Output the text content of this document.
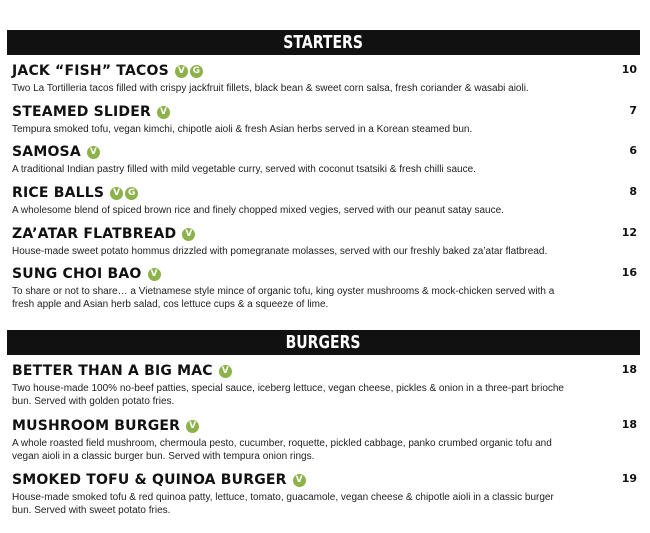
STARTERS
JACK “FISH” TACOS	V G	10
Two La Tortilleria tacos filled with crispy jackfruit fillets, black bean & sweet corn salsa, fresh coriander & wasabi aioli.
STEAMED SLIDER	V	7
Tempura smoked tofu, vegan kimchi, chipotle aioli & fresh Asian herbs served in a Korean steamed bun.
SAMOSA	V	6
A traditional Indian pastry filled with mild vegetable curry, served with coconut tsatsiki & fresh chilli sauce.
RICE BALLS	V G	8
A wholesome blend of spiced brown rice and finely chopped mixed vegies, served with our peanut satay sauce.
ZA’ATAR FLATBREAD	V	12
House-made sweet potato hommus drizzled with pomegranate molasses, served with our freshly baked za’atar flatbread.
SUNG CHOI BAO	V	16
To share or not to share… a Vietnamese style mince of organic tofu, king oyster mushrooms & mock-chicken served with a fresh apple and Asian herb salad, cos lettuce cups & a squeeze of lime.
BURGERS
BETTER THAN A BIG MAC	V	18
Two house-made 100% no-beef patties, special sauce, iceberg lettuce, vegan cheese, pickles & onion in a three-part brioche bun. Served with golden potato fries.
MUSHROOM BURGER	V	18
A whole roasted field mushroom, chermoula pesto, cucumber, roquette, pickled cabbage, panko crumbed organic tofu and vegan aioli in a classic burger bun. Served with tempura onion rings.
SMOKED TOFU & QUINOA BURGER	V	19
House-made smoked tofu & red quinoa patty, lettuce, tomato, guacamole, vegan cheese & chipotle aioli in a classic burger bun. Served with sweet potato fries.
